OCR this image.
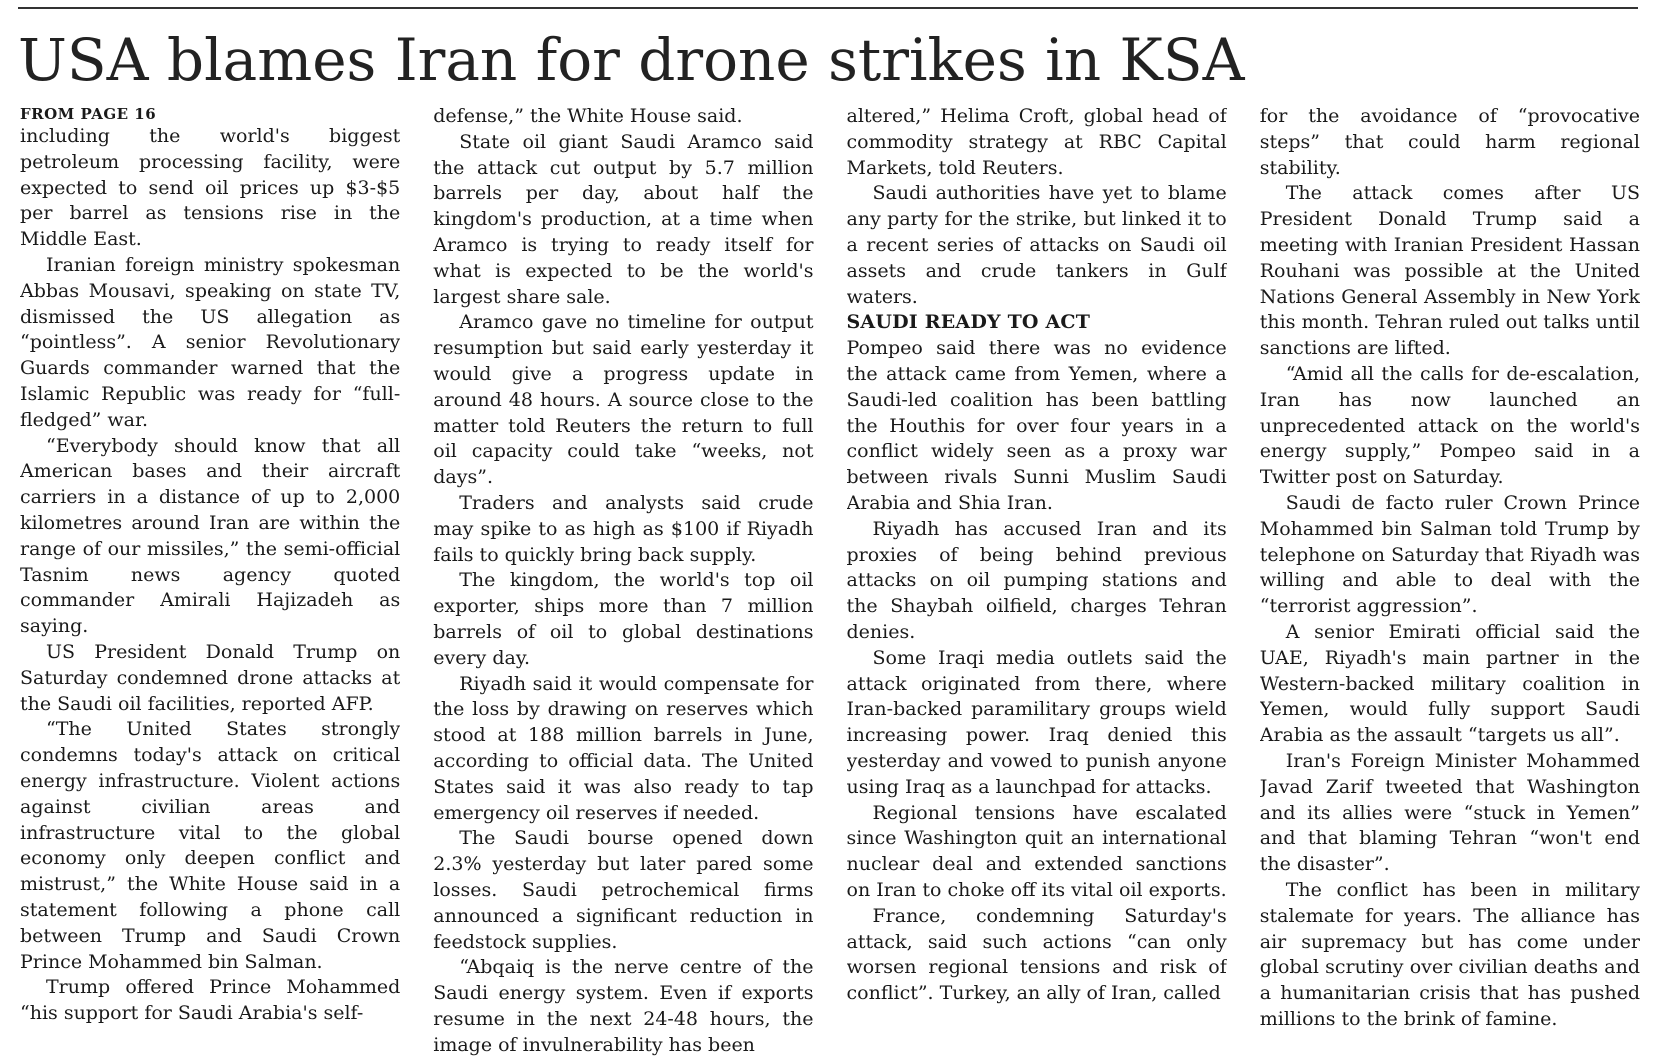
USA blames Iran for drone strikes in KSA
FROM PAGE 16

including the world's biggest petroleum processing facility, were expected to send oil prices up $3-$5 per barrel as tensions rise in the Middle East.

Iranian foreign ministry spokesman Abbas Mousavi, speaking on state TV, dismissed the US allegation as “pointless”. A senior Revolutionary Guards commander warned that the Islamic Republic was ready for “full-fledged” war.

“Everybody should know that all American bases and their aircraft carriers in a distance of up to 2,000 kilometres around Iran are within the range of our missiles,” the semi-official Tasnim news agency quoted commander Amirali Hajizadeh as saying.

US President Donald Trump on Saturday condemned drone attacks at the Saudi oil facilities, reported AFP.

“The United States strongly condemns today's attack on critical energy infrastructure. Violent actions against civilian areas and infrastructure vital to the global economy only deepen conflict and mistrust,” the White House said in a statement following a phone call between Trump and Saudi Crown Prince Mohammed bin Salman.

Trump offered Prince Mohammed “his support for Saudi Arabia's self-

defense,” the White House said.

State oil giant Saudi Aramco said the attack cut output by 5.7 million barrels per day, about half the kingdom's production, at a time when Aramco is trying to ready itself for what is expected to be the world's largest share sale.

Aramco gave no timeline for output resumption but said early yesterday it would give a progress update in around 48 hours. A source close to the matter told Reuters the return to full oil capacity could take “weeks, not days”.

Traders and analysts said crude may spike to as high as $100 if Riyadh fails to quickly bring back supply.

The kingdom, the world's top oil exporter, ships more than 7 million barrels of oil to global destinations every day.

Riyadh said it would compensate for the loss by drawing on reserves which stood at 188 million barrels in June, according to official data. The United States said it was also ready to tap emergency oil reserves if needed.

The Saudi bourse opened down 2.3% yesterday but later pared some losses. Saudi petrochemical firms announced a significant reduction in feedstock supplies.

“Abqaiq is the nerve centre of the Saudi energy system. Even if exports resume in the next 24-48 hours, the image of invulnerability has been

altered,” Helima Croft, global head of commodity strategy at RBC Capital Markets, told Reuters.

Saudi authorities have yet to blame any party for the strike, but linked it to a recent series of attacks on Saudi oil assets and crude tankers in Gulf waters.

SAUDI READY TO ACT

Pompeo said there was no evidence the attack came from Yemen, where a Saudi-led coalition has been battling the Houthis for over four years in a conflict widely seen as a proxy war between rivals Sunni Muslim Saudi Arabia and Shia Iran.

Riyadh has accused Iran and its proxies of being behind previous attacks on oil pumping stations and the Shaybah oilfield, charges Tehran denies.

Some Iraqi media outlets said the attack originated from there, where Iran-backed paramilitary groups wield increasing power. Iraq denied this yesterday and vowed to punish anyone using Iraq as a launchpad for attacks.

Regional tensions have escalated since Washington quit an international nuclear deal and extended sanctions on Iran to choke off its vital oil exports.

France, condemning Saturday's attack, said such actions “can only worsen regional tensions and risk of conflict”. Turkey, an ally of Iran, called

for the avoidance of “provocative steps” that could harm regional stability.

The attack comes after US President Donald Trump said a meeting with Iranian President Hassan Rouhani was possible at the United Nations General Assembly in New York this month. Tehran ruled out talks until sanctions are lifted.

“Amid all the calls for de-escalation, Iran has now launched an unprecedented attack on the world's energy supply,” Pompeo said in a Twitter post on Saturday.

Saudi de facto ruler Crown Prince Mohammed bin Salman told Trump by telephone on Saturday that Riyadh was willing and able to deal with the “terrorist aggression”.

A senior Emirati official said the UAE, Riyadh's main partner in the Western-backed military coalition in Yemen, would fully support Saudi Arabia as the assault “targets us all”.

Iran's Foreign Minister Mohammed Javad Zarif tweeted that Washington and its allies were “stuck in Yemen” and that blaming Tehran “won't end the disaster”.

The conflict has been in military stalemate for years. The alliance has air supremacy but has come under global scrutiny over civilian deaths and a humanitarian crisis that has pushed millions to the brink of famine.
